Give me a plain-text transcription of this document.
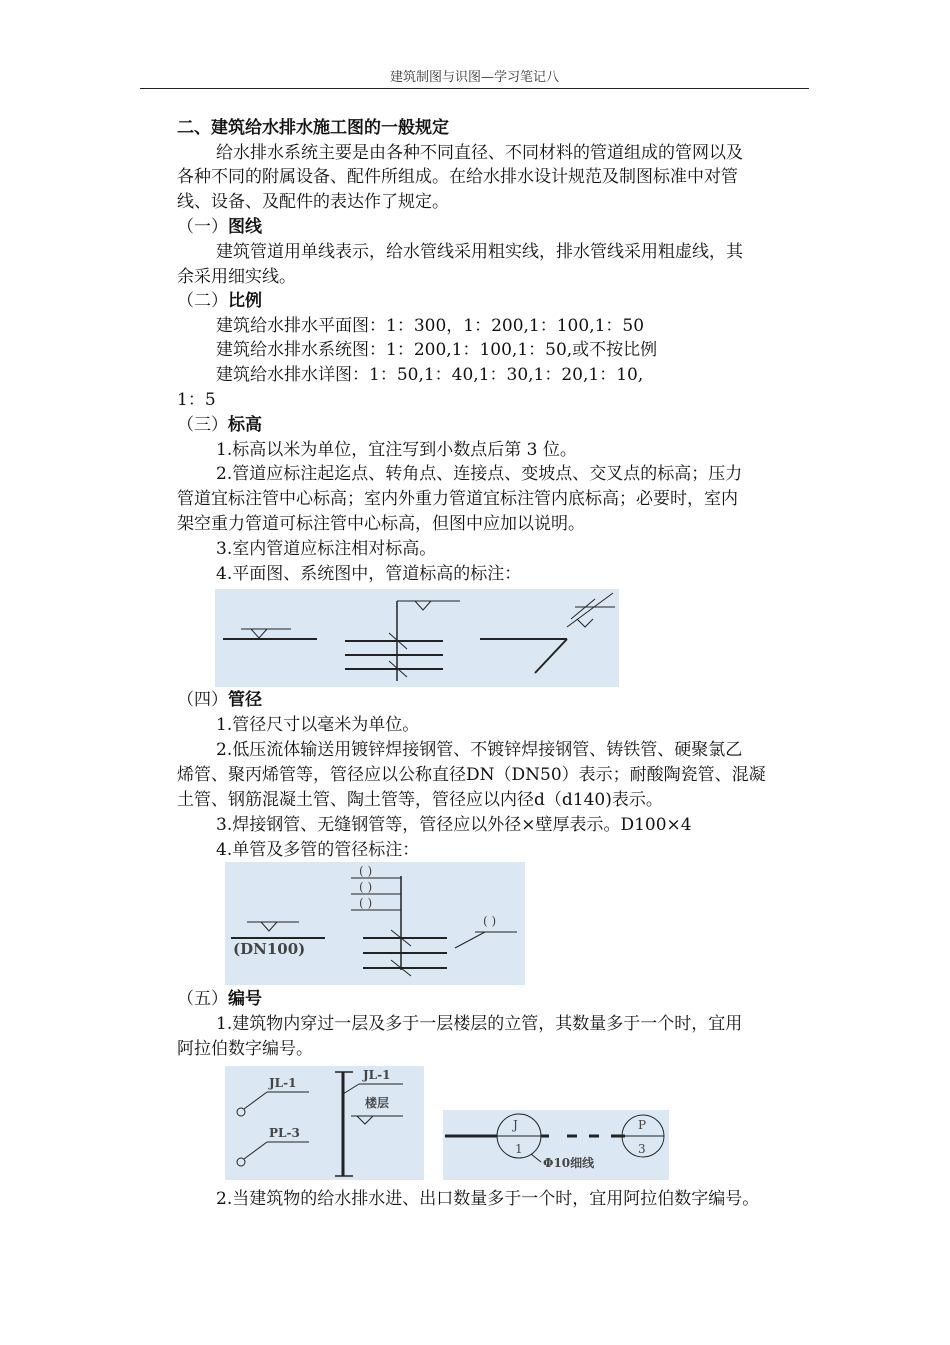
建筑制图与识图—学习笔记八
二、建筑给水排水施工图的一般规定
给水排水系统主要是由各种不同直径、不同材料的管道组成的管网以及
各种不同的附属设备、配件所组成。在给水排水设计规范及制图标准中对管
线、设备、及配件的表达作了规定。
（一）图线
建筑管道用单线表示，给水管线采用粗实线，排水管线采用粗虚线，其
余采用细实线。
（二）比例
建筑给水排水平面图：1：300，1：200,1：100,1：50
建筑给水排水系统图：1：200,1：100,1：50,或不按比例
建筑给水排水详图：1：50,1：40,1：30,1：20,1：10,
1：5
（三）标高
1.标高以米为单位，宜注写到小数点后第 3 位。
2.管道应标注起迄点、转角点、连接点、变坡点、交叉点的标高；压力
管道宜标注管中心标高；室内外重力管道宜标注管内底标高；必要时，室内
架空重力管道可标注管中心标高，但图中应加以说明。
3.室内管道应标注相对标高。
4.平面图、系统图中，管道标高的标注：
（四）管径
1.管径尺寸以毫米为单位。
2.低压流体输送用镀锌焊接钢管、不镀锌焊接钢管、铸铁管、硬聚氯乙
烯管、聚丙烯管等，管径应以公称直径DN（DN50）表示；耐酸陶瓷管、混凝
土管、钢筋混凝土管、陶土管等，管径应以内径d（d140)表示。
3.焊接钢管、无缝钢管等，管径应以外径×壁厚表示。D100×4
4.单管及多管的管径标注：
(DN100)
( )
( )
( )
( )
（五）编号
1.建筑物内穿过一层及多于一层楼层的立管，其数量多于一个时，宜用
阿拉伯数字编号。
JL-1
PL-3
JL-1
楼层
J
1
P
3
Φ10细线
2.当建筑物的给水排水进、出口数量多于一个时，宜用阿拉伯数字编号。
